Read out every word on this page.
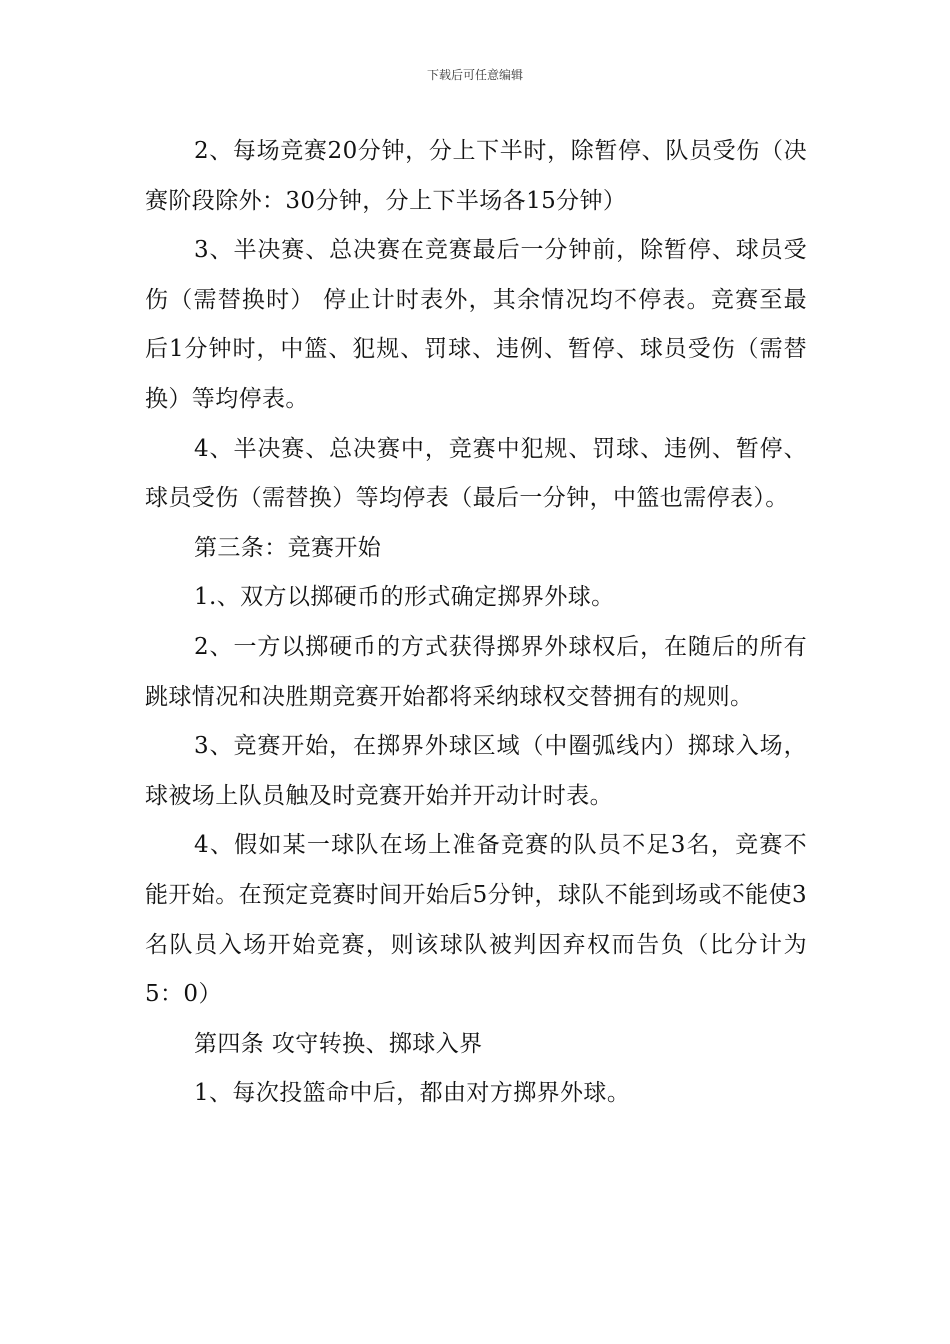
下载后可任意编辑

2、每场竞赛20分钟，分上下半时，除暂停、队员受伤（决赛阶段除外：30分钟，分上下半场各15分钟）

3、半决赛、总决赛在竞赛最后一分钟前，除暂停、球员受伤（需替换时） 停止计时表外，其余情况均不停表。竞赛至最后1分钟时，中篮、犯规、罚球、违例、暂停、球员受伤（需替换）等均停表。

4、半决赛、总决赛中，竞赛中犯规、罚球、违例、暂停、球员受伤（需替换）等均停表（最后一分钟，中篮也需停表）。

第三条：竞赛开始

1.、双方以掷硬币的形式确定掷界外球。

2、一方以掷硬币的方式获得掷界外球权后，在随后的所有跳球情况和决胜期竞赛开始都将采纳球权交替拥有的规则。

3、竞赛开始，在掷界外球区域（中圈弧线内）掷球入场，球被场上队员触及时竞赛开始并开动计时表。

4、假如某一球队在场上准备竞赛的队员不足3名，竞赛不能开始。在预定竞赛时间开始后5分钟，球队不能到场或不能使3名队员入场开始竞赛，则该球队被判因弃权而告负（比分计为5：0）

第四条 攻守转换、掷球入界

1、每次投篮命中后，都由对方掷界外球。
